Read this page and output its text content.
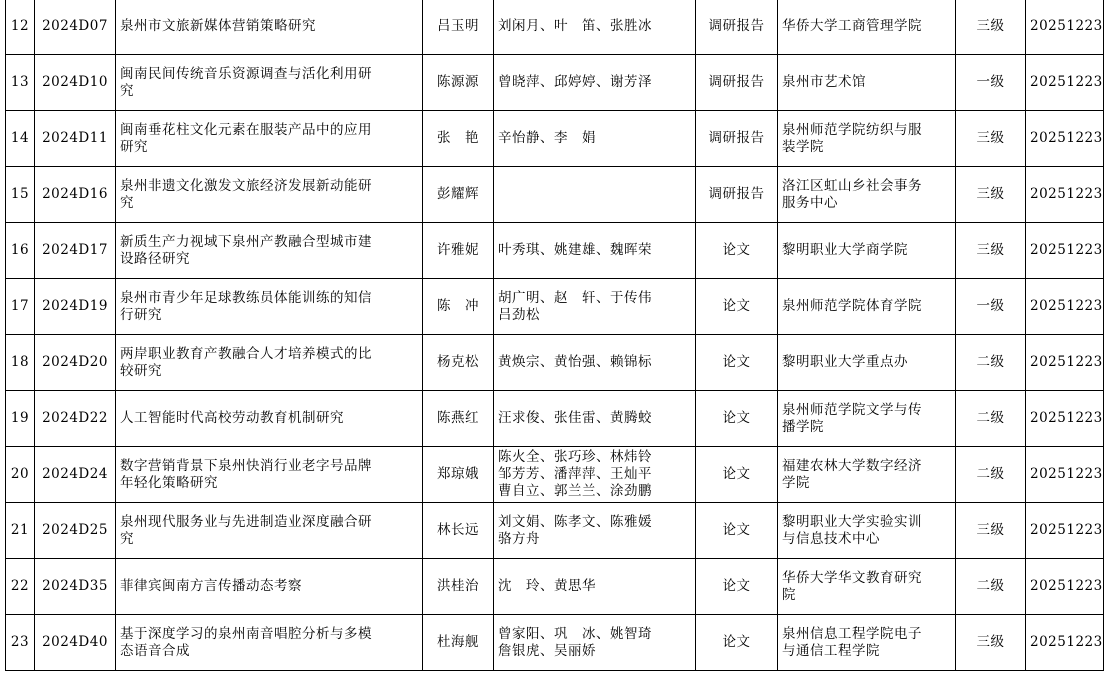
12	2024D07	泉州市文旅新媒体营销策略研究	吕玉明	刘闲月、叶　笛、张胜冰	调研报告	华侨大学工商管理学院	三级	20251223
13	2024D10	闽南民间传统音乐资源调查与活化利用研
究	陈源源	曾晓萍、邱婷婷、谢芳泽	调研报告	泉州市艺术馆	一级	20251223
14	2024D11	闽南垂花柱文化元素在服装产品中的应用
研究	张　艳	辛怡静、李　娟	调研报告	泉州师范学院纺织与服
装学院	三级	20251223
15	2024D16	泉州非遗文化激发文旅经济发展新动能研
究	彭耀辉		调研报告	洛江区虹山乡社会事务
服务中心	三级	20251223
16	2024D17	新质生产力视域下泉州产教融合型城市建
设路径研究	许雅妮	叶秀琪、姚建雄、魏晖荣	论文	黎明职业大学商学院	三级	20251223
17	2024D19	泉州市青少年足球教练员体能训练的知信
行研究	陈　冲	胡广明、赵　轩、于传伟
吕劲松	论文	泉州师范学院体育学院	一级	20251223
18	2024D20	两岸职业教育产教融合人才培养模式的比
较研究	杨克松	黄焕宗、黄怡强、赖锦标	论文	黎明职业大学重点办	二级	20251223
19	2024D22	人工智能时代高校劳动教育机制研究	陈燕红	汪求俊、张佳雷、黄腾蛟	论文	泉州师范学院文学与传
播学院	二级	20251223
20	2024D24	数字营销背景下泉州快消行业老字号品牌
年轻化策略研究	郑琼娥	陈火全、张巧珍、林炜铃
邹芳芳、潘萍萍、王灿平
曹自立、郭兰兰、涂劲鹏	论文	福建农林大学数字经济
学院	二级	20251223
21	2024D25	泉州现代服务业与先进制造业深度融合研
究	林长远	刘文娟、陈孝文、陈雅媛
骆方舟	论文	黎明职业大学实验实训
与信息技术中心	三级	20251223
22	2024D35	菲律宾闽南方言传播动态考察	洪桂治	沈　玲、黄思华	论文	华侨大学华文教育研究
院	二级	20251223
23	2024D40	基于深度学习的泉州南音唱腔分析与多模
态语音合成	杜海舰	曾家阳、巩　冰、姚智琦
詹银虎、吴丽娇	论文	泉州信息工程学院电子
与通信工程学院	三级	20251223
